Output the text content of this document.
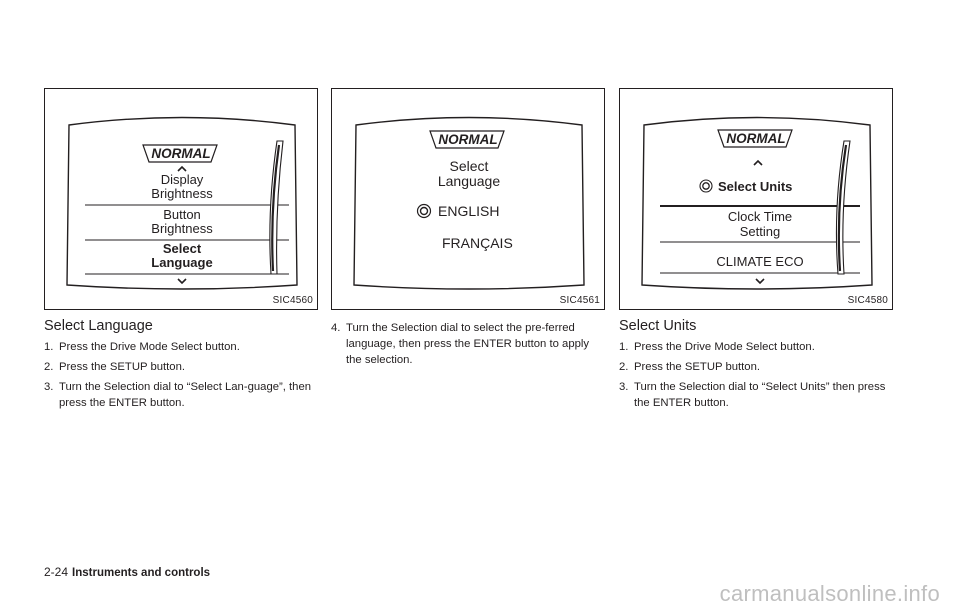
NORMAL
Display
Brightness
Button
Brightness
Select
Language
SIC4560
NORMAL
Select
Language
ENGLISH
FRANÇAIS
SIC4561
NORMAL
Select Units
Clock Time
Setting
CLIMATE ECO
SIC4580
Select Language
1. Press the Drive Mode Select button.
2. Press the SETUP button.
3. Turn the Selection dial to “Select Lan-guage”, then press the ENTER button.
4. Turn the Selection dial to select the pre-ferred language, then press the ENTER button to apply the selection.
Select Units
1. Press the Drive Mode Select button.
2. Press the SETUP button.
3. Turn the Selection dial to “Select Units” then press the ENTER button.
2-24 Instruments and controls
carmanualsonline.info
